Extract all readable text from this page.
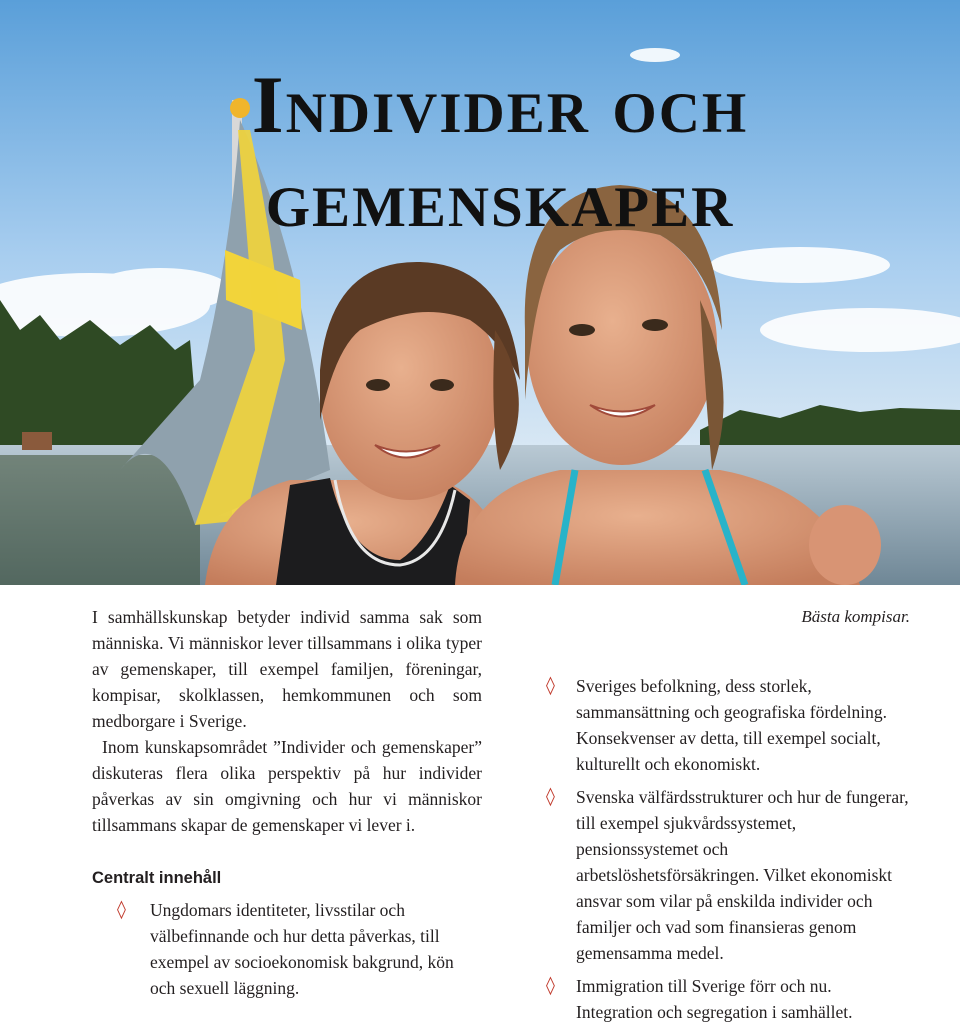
Individer och
gemenskaper

I samhällskunskap betyder individ samma sak som människa. Vi människor lever tillsammans i olika typer av gemenskaper, till exempel familjen, föreningar, kompisar, skolklassen, hemkommunen och som medborgare i Sverige.

Inom kunskapsområdet ”Individer och gemenskaper” diskuteras flera olika perspektiv på hur individer påverkas av sin omgivning och hur vi människor tillsammans skapar de gemenskaper vi lever i.

Centralt innehåll
◊ Ungdomars identiteter, livsstilar och välbefinnande och hur detta påverkas, till exempel av socioekonomisk bakgrund, kön och sexuell läggning.

Bästa kompisar.

◊ Sveriges befolkning, dess storlek, sammansättning och geografiska fördelning. Konsekvenser av detta, till exempel socialt, kulturellt och ekonomiskt.
◊ Svenska välfärdsstrukturer och hur de fungerar, till exempel sjukvårdssystemet, pensionssystemet och arbetslöshetsförsäkringen. Vilket ekonomiskt ansvar som vilar på enskilda individer och familjer och vad som finansieras genom gemensamma medel.
◊ Immigration till Sverige förr och nu. Integration och segregation i samhället.
